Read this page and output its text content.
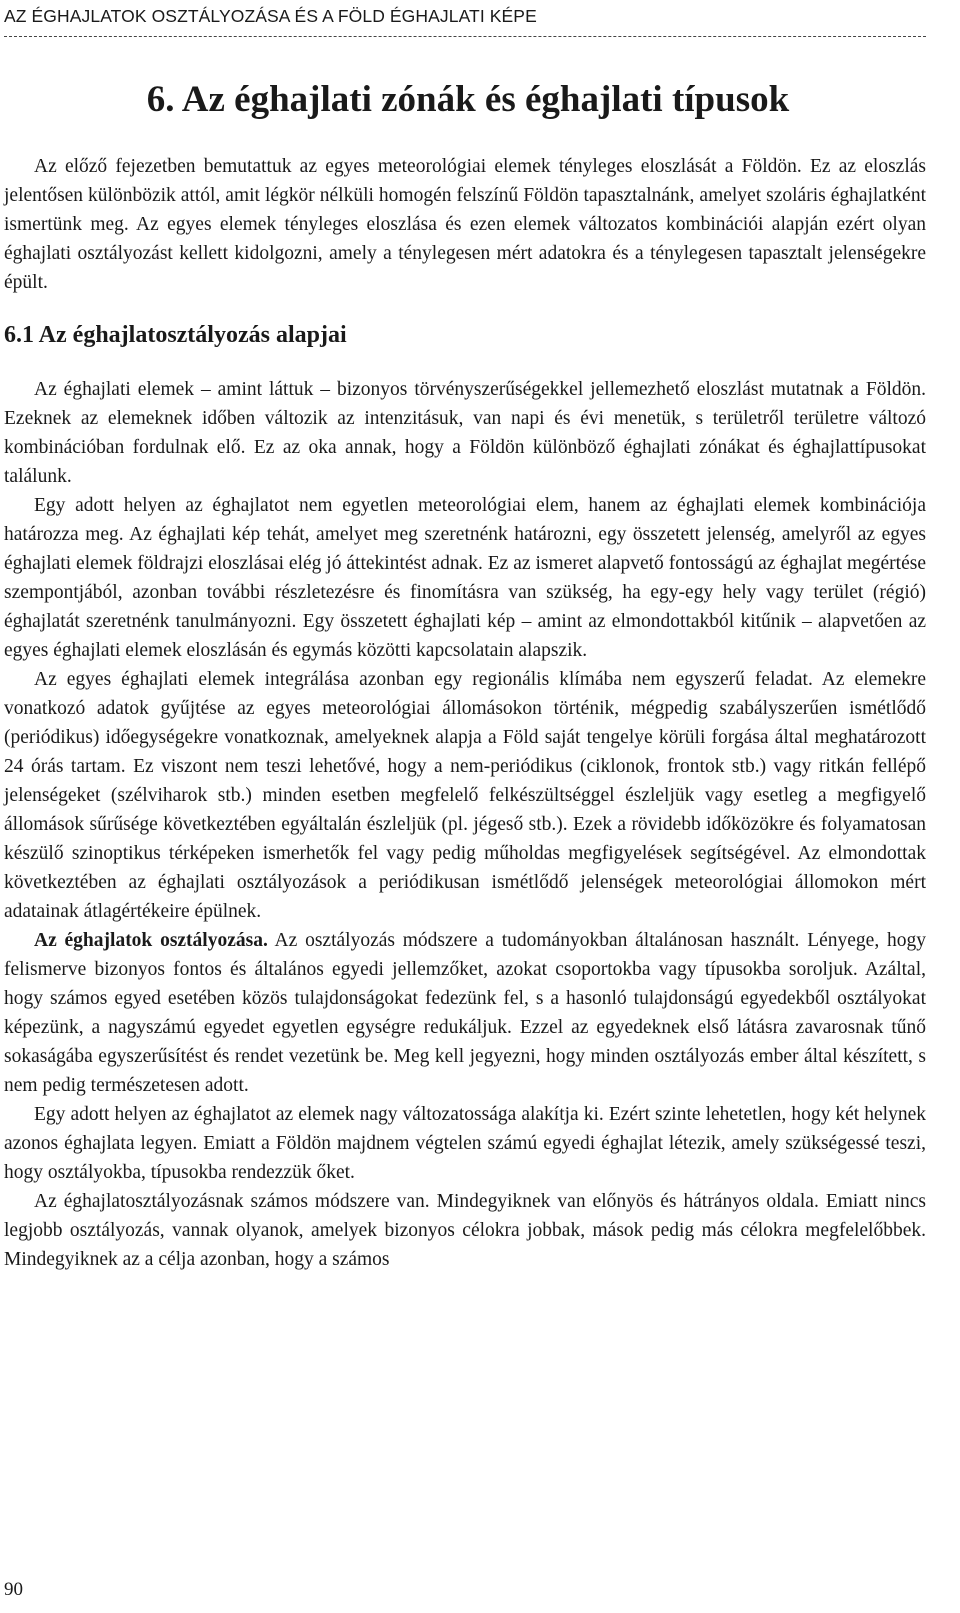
AZ ÉGHAJLATOK OSZTÁLYOZÁSA ÉS A FÖLD ÉGHAJLATI KÉPE
6. Az éghajlati zónák és éghajlati típusok

Az előző fejezetben bemutattuk az egyes meteorológiai elemek tényleges eloszlását a Földön. Ez az eloszlás jelentősen különbözik attól, amit légkör nélküli homogén felszínű Földön tapasztalnánk, amelyet szoláris éghajlatként ismertünk meg. Az egyes elemek tényleges eloszlása és ezen elemek változatos kombinációi alapján ezért olyan éghajlati osztályozást kellett kidolgozni, amely a ténylegesen mért adatokra és a ténylegesen tapasztalt jelenségekre épült.

6.1 Az éghajlatosztályozás alapjai

Az éghajlati elemek – amint láttuk – bizonyos törvényszerűségekkel jellemezhető eloszlást mutatnak a Földön. Ezeknek az elemeknek időben változik az intenzitásuk, van napi és évi menetük, s területről területre változó kombinációban fordulnak elő. Ez az oka annak, hogy a Földön különböző éghajlati zónákat és éghajlattípusokat találunk.

Egy adott helyen az éghajlatot nem egyetlen meteorológiai elem, hanem az éghajlati elemek kombinációja határozza meg. Az éghajlati kép tehát, amelyet meg szeretnénk határozni, egy összetett jelenség, amelyről az egyes éghajlati elemek földrajzi eloszlásai elég jó áttekintést adnak. Ez az ismeret alapvető fontosságú az éghajlat megértése szempontjából, azonban további részletezésre és finomításra van szükség, ha egy-egy hely vagy terület (régió) éghajlatát szeretnénk tanulmányozni. Egy összetett éghajlati kép – amint az elmondottakból kitűnik – alapvetően az egyes éghajlati elemek eloszlásán és egymás közötti kapcsolatain alapszik.

Az egyes éghajlati elemek integrálása azonban egy regionális klímába nem egyszerű feladat. Az elemekre vonatkozó adatok gyűjtése az egyes meteorológiai állomásokon történik, mégpedig szabályszerűen ismétlődő (periódikus) időegységekre vonatkoznak, amelyeknek alapja a Föld saját tengelye körüli forgása által meghatározott 24 órás tartam. Ez viszont nem teszi lehetővé, hogy a nem-periódikus (ciklonok, frontok stb.) vagy ritkán fellépő jelenségeket (szélviharok stb.) minden esetben megfelelő felkészültséggel észleljük vagy esetleg a megfigyelő állomások sűrűsége következtében egyáltalán észleljük (pl. jégeső stb.). Ezek a rövidebb időközökre és folyamatosan készülő szinoptikus térképeken ismerhetők fel vagy pedig műholdas megfigyelések segítségével. Az elmondottak következtében az éghajlati osztályozások a periódikusan ismétlődő jelenségek meteorológiai állomokon mért adatainak átlagértékeire épülnek.

Az éghajlatok osztályozása. Az osztályozás módszere a tudományokban általánosan használt. Lényege, hogy felismerve bizonyos fontos és általános egyedi jellemzőket, azokat csoportokba vagy típusokba soroljuk. Azáltal, hogy számos egyed esetében közös tulajdonságokat fedezünk fel, s a hasonló tulajdonságú egyedekből osztályokat képezünk, a nagyszámú egyedet egyetlen egységre redukáljuk. Ezzel az egyedeknek első látásra zavarosnak tűnő sokaságába egyszerűsítést és rendet vezetünk be. Meg kell jegyezni, hogy minden osztályozás ember által készített, s nem pedig természetesen adott.

Egy adott helyen az éghajlatot az elemek nagy változatossága alakítja ki. Ezért szinte lehetetlen, hogy két helynek azonos éghajlata legyen. Emiatt a Földön majdnem végtelen számú egyedi éghajlat létezik, amely szükségessé teszi, hogy osztályokba, típusokba rendezzük őket.

Az éghajlatosztályozásnak számos módszere van. Mindegyiknek van előnyös és hátrányos oldala. Emiatt nincs legjobb osztályozás, vannak olyanok, amelyek bizonyos célokra jobbak, mások pedig más célokra megfelelőbbek. Mindegyiknek az a célja azonban, hogy a számos

90
